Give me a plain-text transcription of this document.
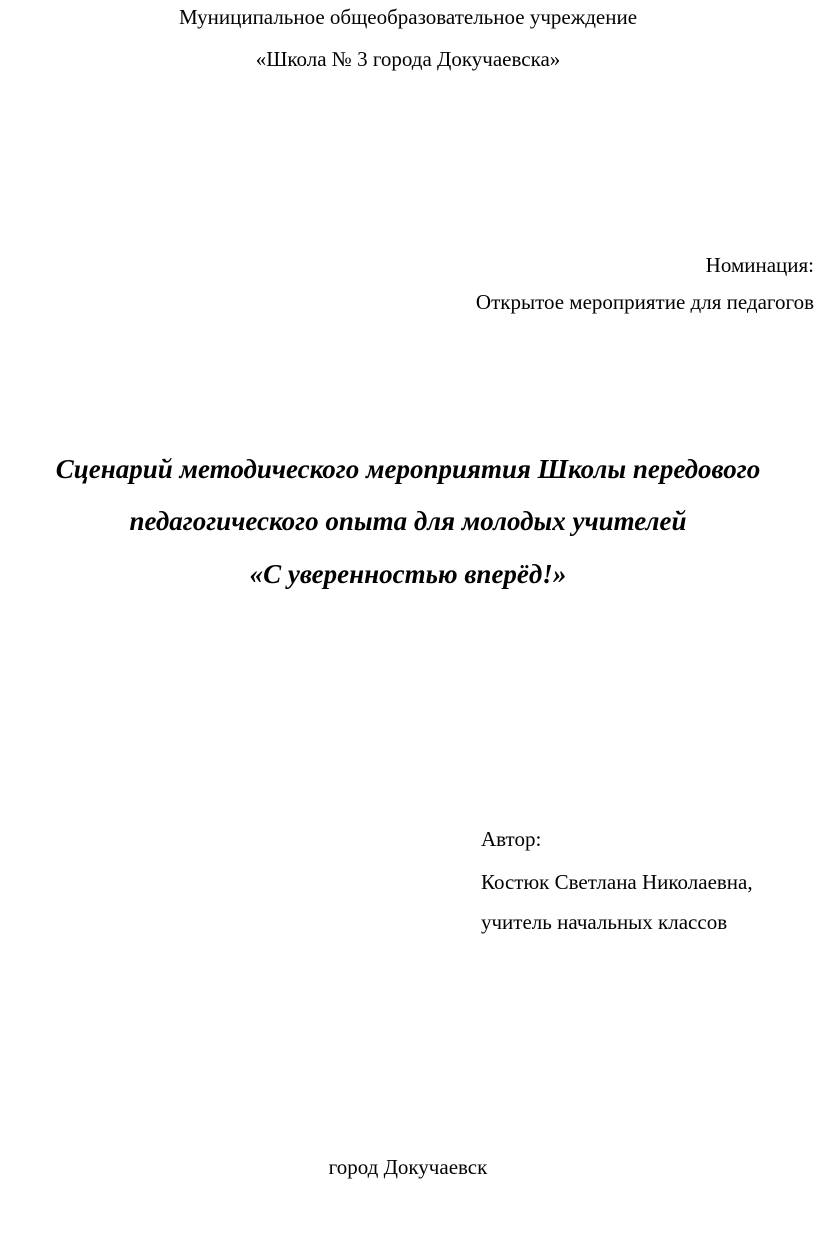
Муниципальное общеобразовательное учреждение
«Школа № 3 города Докучаевска»
Номинация:
Открытое мероприятие для педагогов
Сценарий методического мероприятия Школы передового
педагогического опыта для молодых учителей
«С уверенностью вперёд!»
Автор:
Костюк Светлана Николаевна,
учитель начальных классов
город Докучаевск
